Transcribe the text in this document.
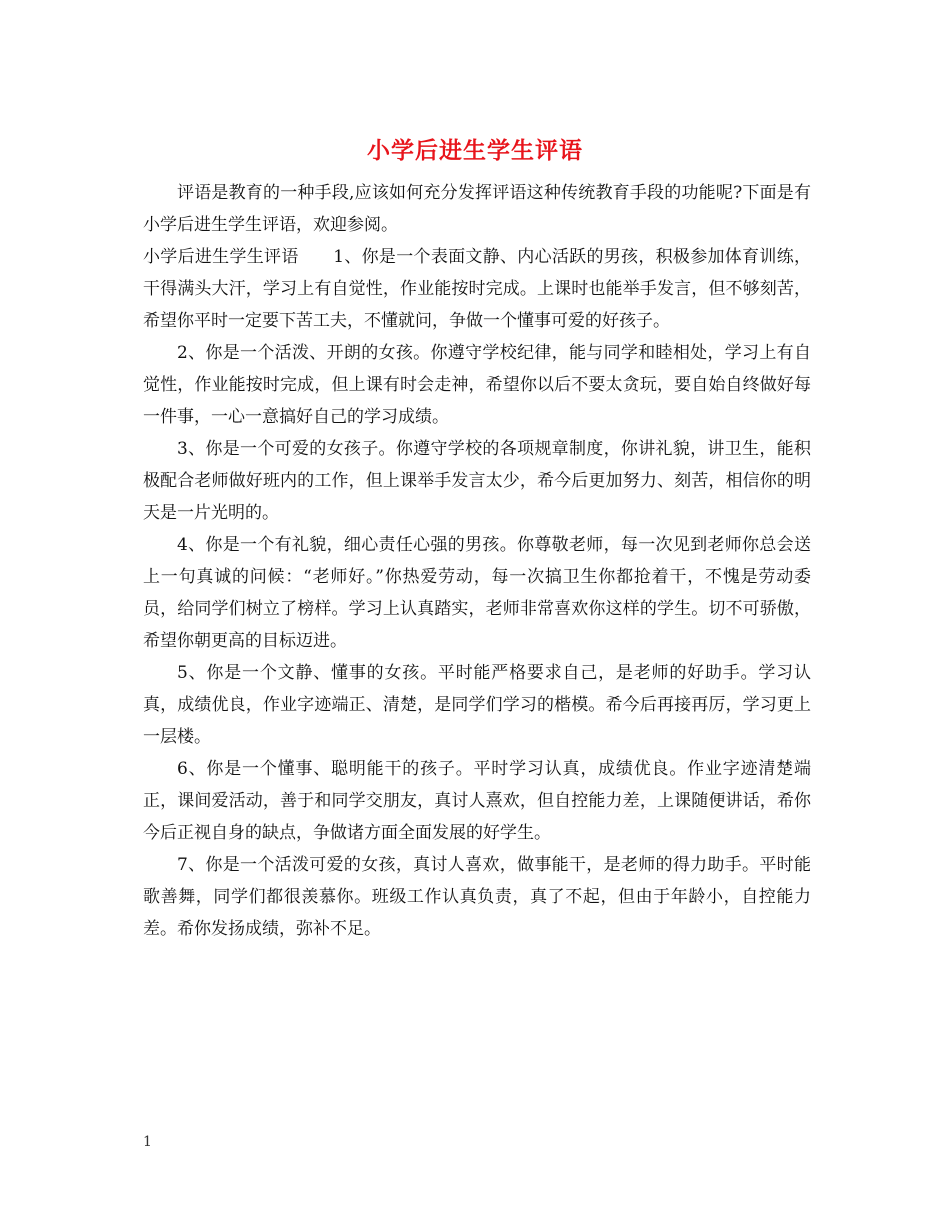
小学后进生学生评语

评语是教育的一种手段,应该如何充分发挥评语这种传统教育手段的功能呢?下面是有小学后进生学生评语，欢迎参阅。

小学后进生学生评语　　1、你是一个表面文静、内心活跃的男孩，积极参加体育训练，干得满头大汗，学习上有自觉性，作业能按时完成。上课时也能举手发言，但不够刻苦，希望你平时一定要下苦工夫，不懂就问，争做一个懂事可爱的好孩子。

2、你是一个活泼、开朗的女孩。你遵守学校纪律，能与同学和睦相处，学习上有自觉性，作业能按时完成，但上课有时会走神，希望你以后不要太贪玩，要自始自终做好每一件事，一心一意搞好自己的学习成绩。

3、你是一个可爱的女孩子。你遵守学校的各项规章制度，你讲礼貌，讲卫生，能积极配合老师做好班内的工作，但上课举手发言太少，希今后更加努力、刻苦，相信你的明天是一片光明的。

4、你是一个有礼貌，细心责任心强的男孩。你尊敬老师，每一次见到老师你总会送上一句真诚的问候：“老师好。”你热爱劳动，每一次搞卫生你都抢着干，不愧是劳动委员，给同学们树立了榜样。学习上认真踏实，老师非常喜欢你这样的学生。切不可骄傲，希望你朝更高的目标迈进。

5、你是一个文静、懂事的女孩。平时能严格要求自己，是老师的好助手。学习认真，成绩优良，作业字迹端正、清楚，是同学们学习的楷模。希今后再接再厉，学习更上一层楼。

6、你是一个懂事、聪明能干的孩子。平时学习认真，成绩优良。作业字迹清楚端正，课间爱活动，善于和同学交朋友，真讨人熹欢，但自控能力差，上课随便讲话，希你今后正视自身的缺点，争做诸方面全面发展的好学生。

7、你是一个活泼可爱的女孩，真讨人喜欢，做事能干，是老师的得力助手。平时能歌善舞，同学们都很羡慕你。班级工作认真负责，真了不起，但由于年龄小，自控能力差。希你发扬成绩，弥补不足。

1
